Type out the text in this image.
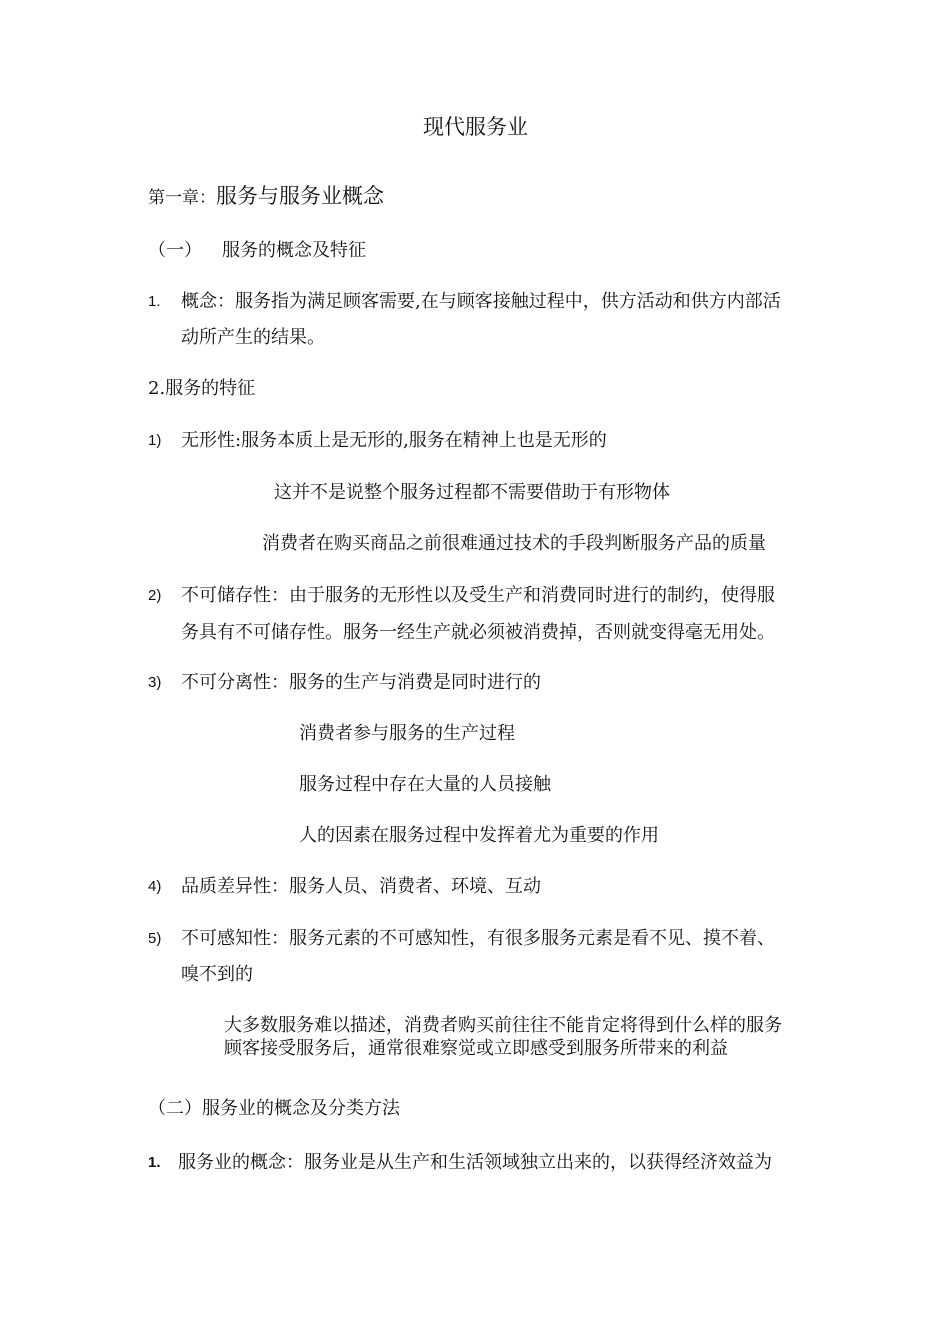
现代服务业
第一章：服务与服务业概念
（一） 服务的概念及特征
1. 概念：服务指为满足顾客需要,在与顾客接触过程中，供方活动和供方内部活
动所产生的结果。
2.服务的特征
1) 无形性:服务本质上是无形的,服务在精神上也是无形的
这并不是说整个服务过程都不需要借助于有形物体
消费者在购买商品之前很难通过技术的手段判断服务产品的质量
2) 不可储存性：由于服务的无形性以及受生产和消费同时进行的制约，使得服
务具有不可储存性。服务一经生产就必须被消费掉，否则就变得毫无用处。
3) 不可分离性：服务的生产与消费是同时进行的
消费者参与服务的生产过程
服务过程中存在大量的人员接触
人的因素在服务过程中发挥着尤为重要的作用
4) 品质差异性：服务人员、消费者、环境、互动
5) 不可感知性：服务元素的不可感知性，有很多服务元素是看不见、摸不着、
嗅不到的
大多数服务难以描述，消费者购买前往往不能肯定将得到什么样的服务
顾客接受服务后，通常很难察觉或立即感受到服务所带来的利益
（二）服务业的概念及分类方法
1. 服务业的概念：服务业是从生产和生活领域独立出来的，以获得经济效益为
